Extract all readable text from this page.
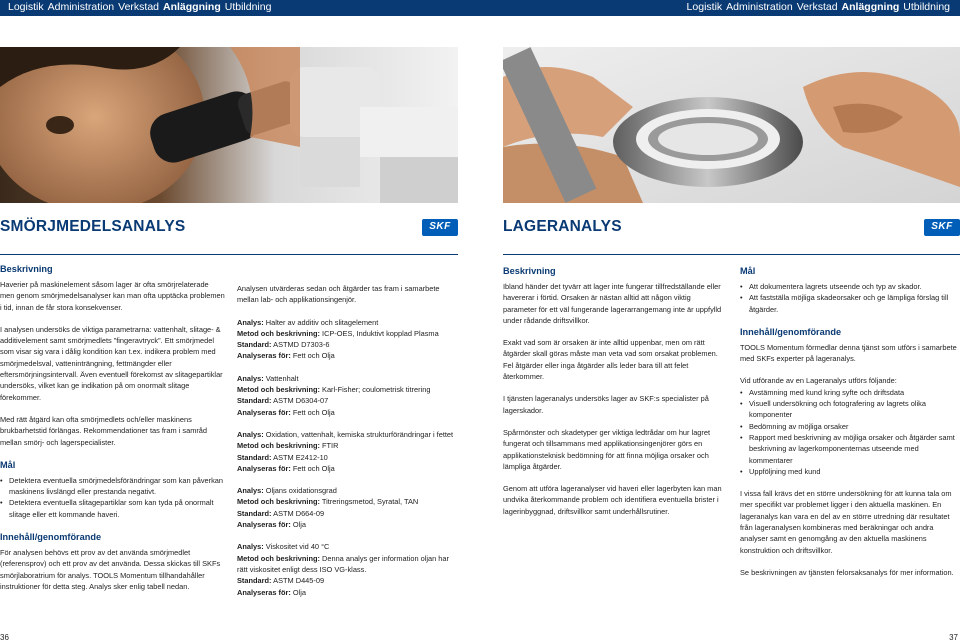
Logistik Administration Verkstad Anläggning Utbildning	Logistik Administration Verkstad Anläggning Utbildning
SMÖRJMEDELSANALYS	SKF	LAGERANALYS	SKF
Beskrivning

Haverier på maskinelement såsom lager är ofta smörjrelaterade men genom smörjmedelsanalyser kan man ofta upptäcka problemen i tid, innan de får stora konsekvenser.

I analysen undersöks de viktiga parametrarna: vattenhalt, slitage- & additivelement samt smörjmedlets ”fingeravtryck”. Ett smörjmedel som visar sig vara i dålig kondition kan t.ex. indikera problem med smörjmedelsval, vatteninträngning, fettmängder eller eftersmörjningsintervall. Även eventuell förekomst av slitagepartiklar undersöks, vilket kan ge indikation på om onormalt slitage förekommer.

Med rätt åtgärd kan ofta smörjmedlets och/eller maskinens brukbarhetstid förlängas. Rekommendationer tas fram i samråd mellan smörj- och lagerspecialister.

Mål
• Detektera eventuella smörjmedelsförändringar som kan påverkan maskinens livslängd eller prestanda negativt.
• Detektera eventuella slitagepartiklar som kan tyda på onormalt slitage eller ett kommande haveri.
Innehåll/genomförande

För analysen behövs ett prov av det använda smörjmedlet (referensprov) och ett prov av det använda. Dessa skickas till SKFs smörjlaboratrium för analys. TOOLS Momentum tillhandahåller instruktioner för detta steg. Analys sker enlig tabell nedan.

Analysen utvärderas sedan och åtgärder tas fram i samarbete mellan lab- och applikationsingenjör.

Analys: Halter av additiv och slitagelement
Metod och beskrivning: ICP-OES, Induktivt kopplad Plasma
Standard: ASTMD D7303-6
Analyseras för: Fett och Olja
Analys: Vattenhalt
Metod och beskrivning: Karl-Fisher; coulometrisk titrering
Standard: ASTM D6304-07
Analyseras för: Fett och Olja
Analys: Oxidation, vattenhalt, kemiska strukturförändringar i fettet
Metod och beskrivning: FTIR
Standard: ASTM E2412-10
Analyseras för: Fett och Olja
Analys: Oljans oxidationsgrad
Metod och beskrivning: Titreringsmetod, Syratal, TAN
Standard: ASTM D664-09
Analyseras för: Olja
Analys: Viskositet vid 40 °C
Metod och beskrivning: Denna analys ger information oljan har rätt viskositet enligt dess ISO VG-klass.
Standard: ASTM D445-09
Analyseras för: Olja
Beskrivning

Ibland händer det tyvärr att lager inte fungerar tillfredställande eller havererar i förtid. Orsaken är nästan alltid att någon viktig parameter för ett väl fungerande lagerarrangemang inte är uppfylld under rådande driftsvillkor.

Exakt vad som är orsaken är inte alltid uppenbar, men om rätt åtgärder skall göras måste man veta vad som orsakat problemen. Fel åtgärder eller inga åtgärder alls leder bara till att felet återkommer.

I tjänsten lageranalys undersöks lager av SKF:s specialister på lagerskador.

Spårmönster och skadetyper ger viktiga ledtrådar om hur lagret fungerat och tillsammans med applikationsingenjörer görs en applikationsteknisk bedömning för att finna möjliga orsaker och lämpliga åtgärder.

Genom att utföra lageranalyser vid haveri eller lagerbyten kan man undvika återkommande problem och identifiera eventuella brister i lagerinbyggnad, driftsvillkor samt underhållsrutiner.

Mål
• Att dokumentera lagrets utseende och typ av skador.
• Att fastställa möjliga skadeorsaker och ge lämpliga förslag till åtgärder.
Innehåll/genomförande

TOOLS Momentum förmedlar denna tjänst som utförs i samarbete med SKFs experter på lageranalys.

Vid utförande av en Lageranalys utförs följande:

• Avstämning med kund kring syfte och driftsdata
• Visuell undersökning och fotografering av lagrets olika komponenter
• Bedömning av möjliga orsaker
• Rapport med beskrivning av möjliga orsaker och åtgärder samt beskrivning av lagerkomponenternas utseende med kommentarer
• Uppföljning med kund

I vissa fall krävs det en större undersökning för att kunna tala om mer specifikt var problemet ligger i den aktuella maskinen. En lageranalys kan vara en del av en större utredning där resultatet från lageranalysen kombineras med beräkningar och andra analyser samt en genomgång av den aktuella maskinens konstruktion och driftsvillkor.

Se beskrivningen av tjänsten felorsaksanalys för mer information.

36	37
